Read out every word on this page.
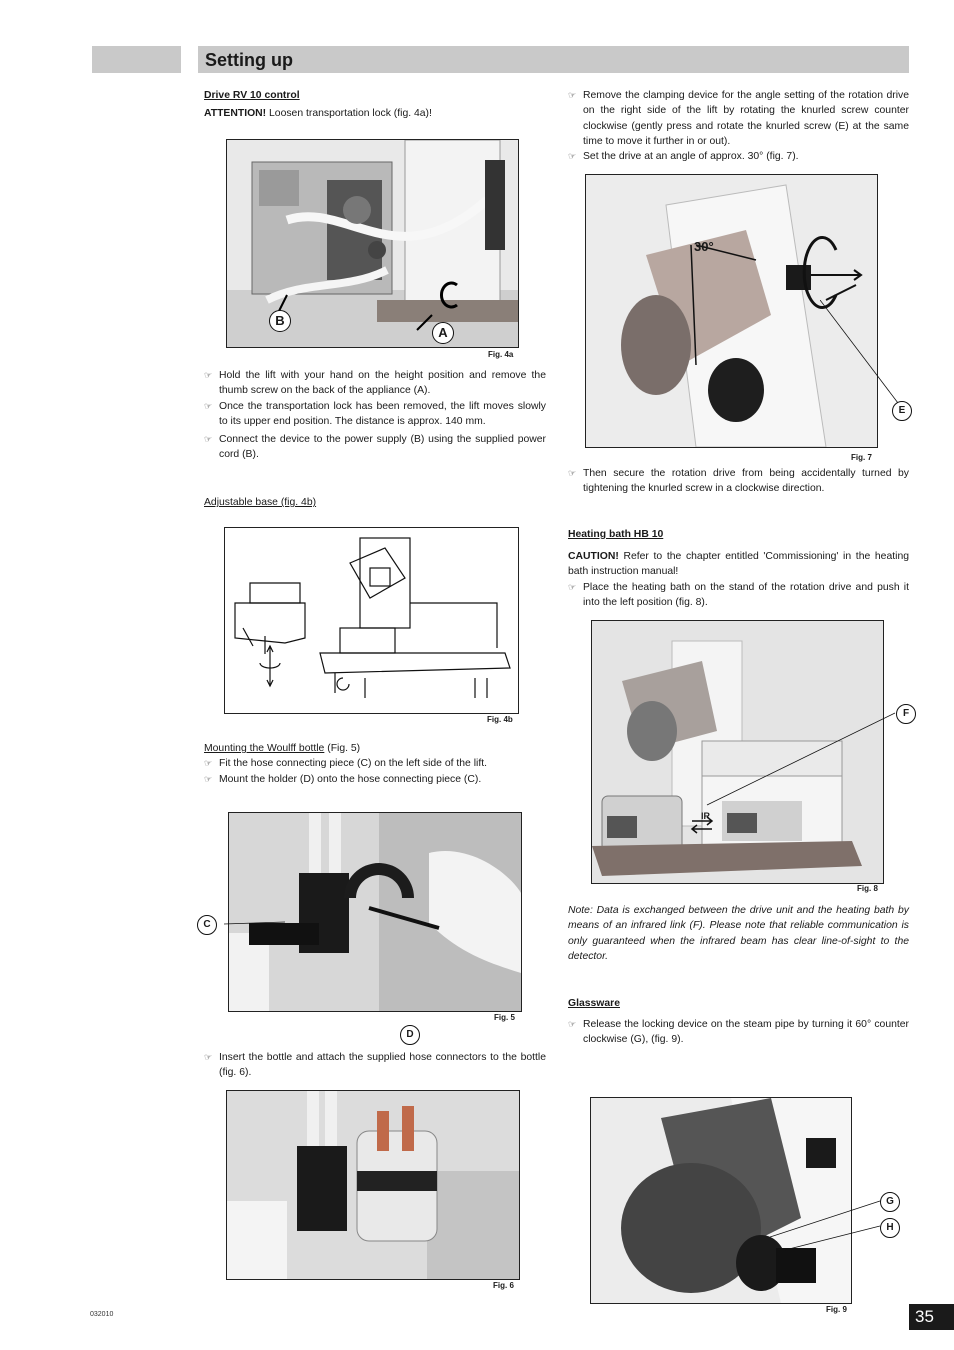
Setting up
Drive RV 10 control
ATTENTION! Loosen transportation lock (fig. 4a)!
B
A
Fig. 4a

☞ Hold the lift with your hand on the height position and remove the thumb screw on the back of the appliance (A).

☞ Once the transportation lock has been removed, the lift moves slowly to its upper end position. The distance is approx. 140 mm.

☞ Connect the device to the power supply (B) using the supplied power cord (B).

Adjustable base (fig. 4b)
Fig. 4b
Mounting the Woulff bottle (Fig. 5)

☞ Fit the hose connecting piece (C) on the left side of the lift.

☞ Mount the holder (D) onto the hose connecting piece (C).

Fig. 5
C
D

☞ Insert the bottle and attach the supplied hose connectors to the bottle (fig. 6).

Fig. 6

☞ Remove the clamping device for the angle setting of the rotation drive on the right side of the lift by rotating the knurled screw counter clockwise (gently press and rotate the knurled screw (E) at the same time to move it further in or out).

☞ Set the drive at an angle of approx. 30° (fig. 7).

30°
Fig. 7
E

☞ Then secure the rotation drive from being accidentally turned by tightening the knurled screw in a clockwise direction.

Heating bath HB 10
CAUTION! Refer to the chapter entitled 'Commissioning' in the heating bath instruction manual!

☞ Place the heating bath on the stand of the rotation drive and push it into the left position (fig. 8).

IR
Fig. 8
F
Note: Data is exchanged between the drive unit and the heating bath by means of an infrared link (F). Please note that reliable communication is only guaranteed when the infrared beam has clear line-of-sight to the detector.
Glassware

☞ Release the locking device on the steam pipe by turning it 60° counter clockwise (G), (fig. 9).

Fig. 9
G
H
032010	35
